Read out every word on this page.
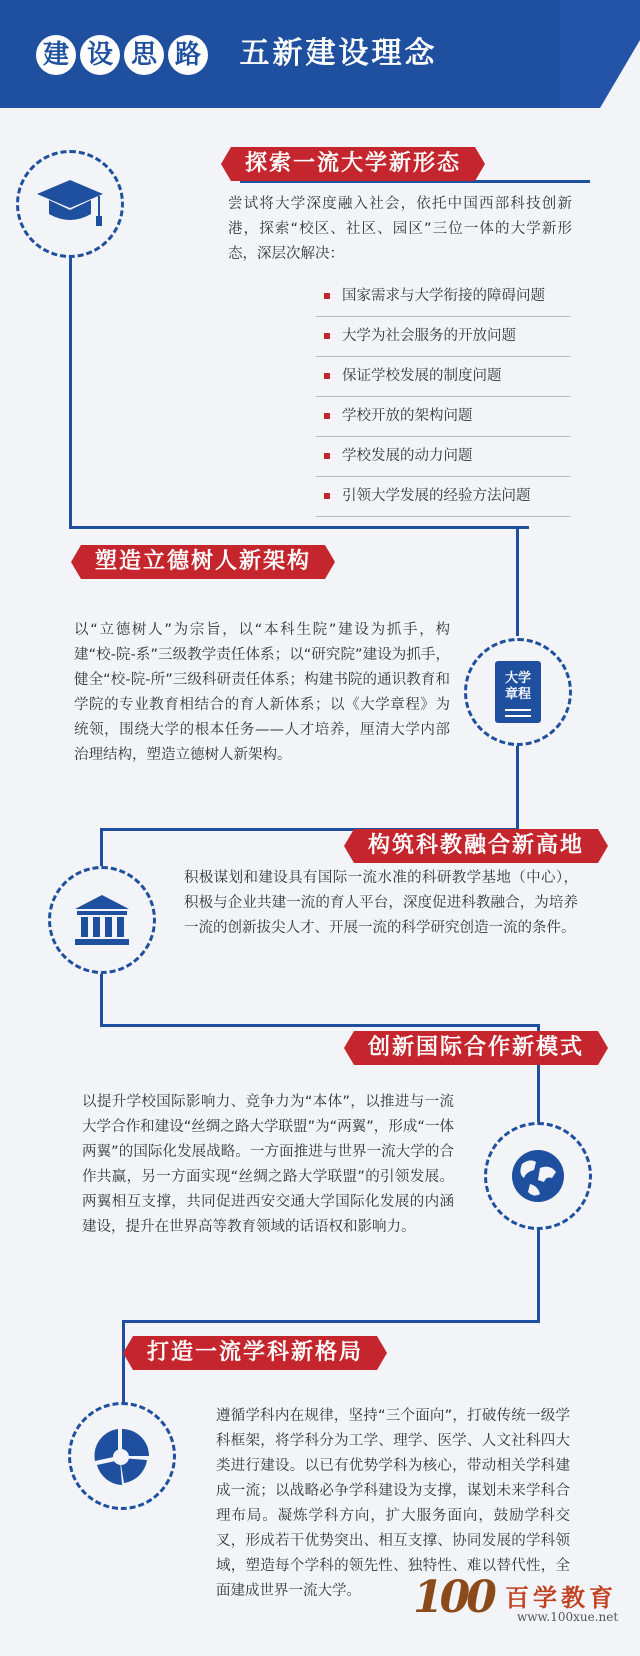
建 设 思 路 五新建设理念
探索一流大学新形态
尝试将大学深度融入社会，依托中国西部科技创新港，探索“校区、社区、园区”三位一体的大学新形态，深层次解决：
国家需求与大学衔接的障碍问题
大学为社会服务的开放问题
保证学校发展的制度问题
学校开放的架构问题
学校发展的动力问题
引领大学发展的经验方法问题
塑造立德树人新架构
以“立德树人”为宗旨，以“本科生院”建设为抓手，构建“校-院-系”三级教学责任体系；以“研究院”建设为抓手，健全“校-院-所”三级科研责任体系；构建书院的通识教育和学院的专业教育相结合的育人新体系；以《大学章程》为统领，围绕大学的根本任务——人才培养，厘清大学内部治理结构，塑造立德树人新架构。
大学
章程
构筑科教融合新高地
积极谋划和建设具有国际一流水准的科研教学基地（中心），积极与企业共建一流的育人平台，深度促进科教融合，为培养一流的创新拔尖人才、开展一流的科学研究创造一流的条件。
创新国际合作新模式
以提升学校国际影响力、竞争力为“本体”，以推进与一流大学合作和建设“丝绸之路大学联盟”为“两翼”，形成“一体两翼”的国际化发展战略。一方面推进与世界一流大学的合作共赢，另一方面实现“丝绸之路大学联盟”的引领发展。两翼相互支撑，共同促进西安交通大学国际化发展的内涵建设，提升在世界高等教育领域的话语权和影响力。
打造一流学科新格局
遵循学科内在规律，坚持“三个面向”，打破传统一级学科框架，将学科分为工学、理学、医学、人文社科四大类进行建设。以已有优势学科为核心，带动相关学科建成一流；以战略必争学科建设为支撑，谋划未来学科合理布局。凝炼学科方向，扩大服务面向，鼓励学科交叉，形成若干优势突出、相互支撑、协同发展的学科领域，塑造每个学科的领先性、独特性、难以替代性，全面建成世界一流大学。	100 百学教育
www.100xue.net
